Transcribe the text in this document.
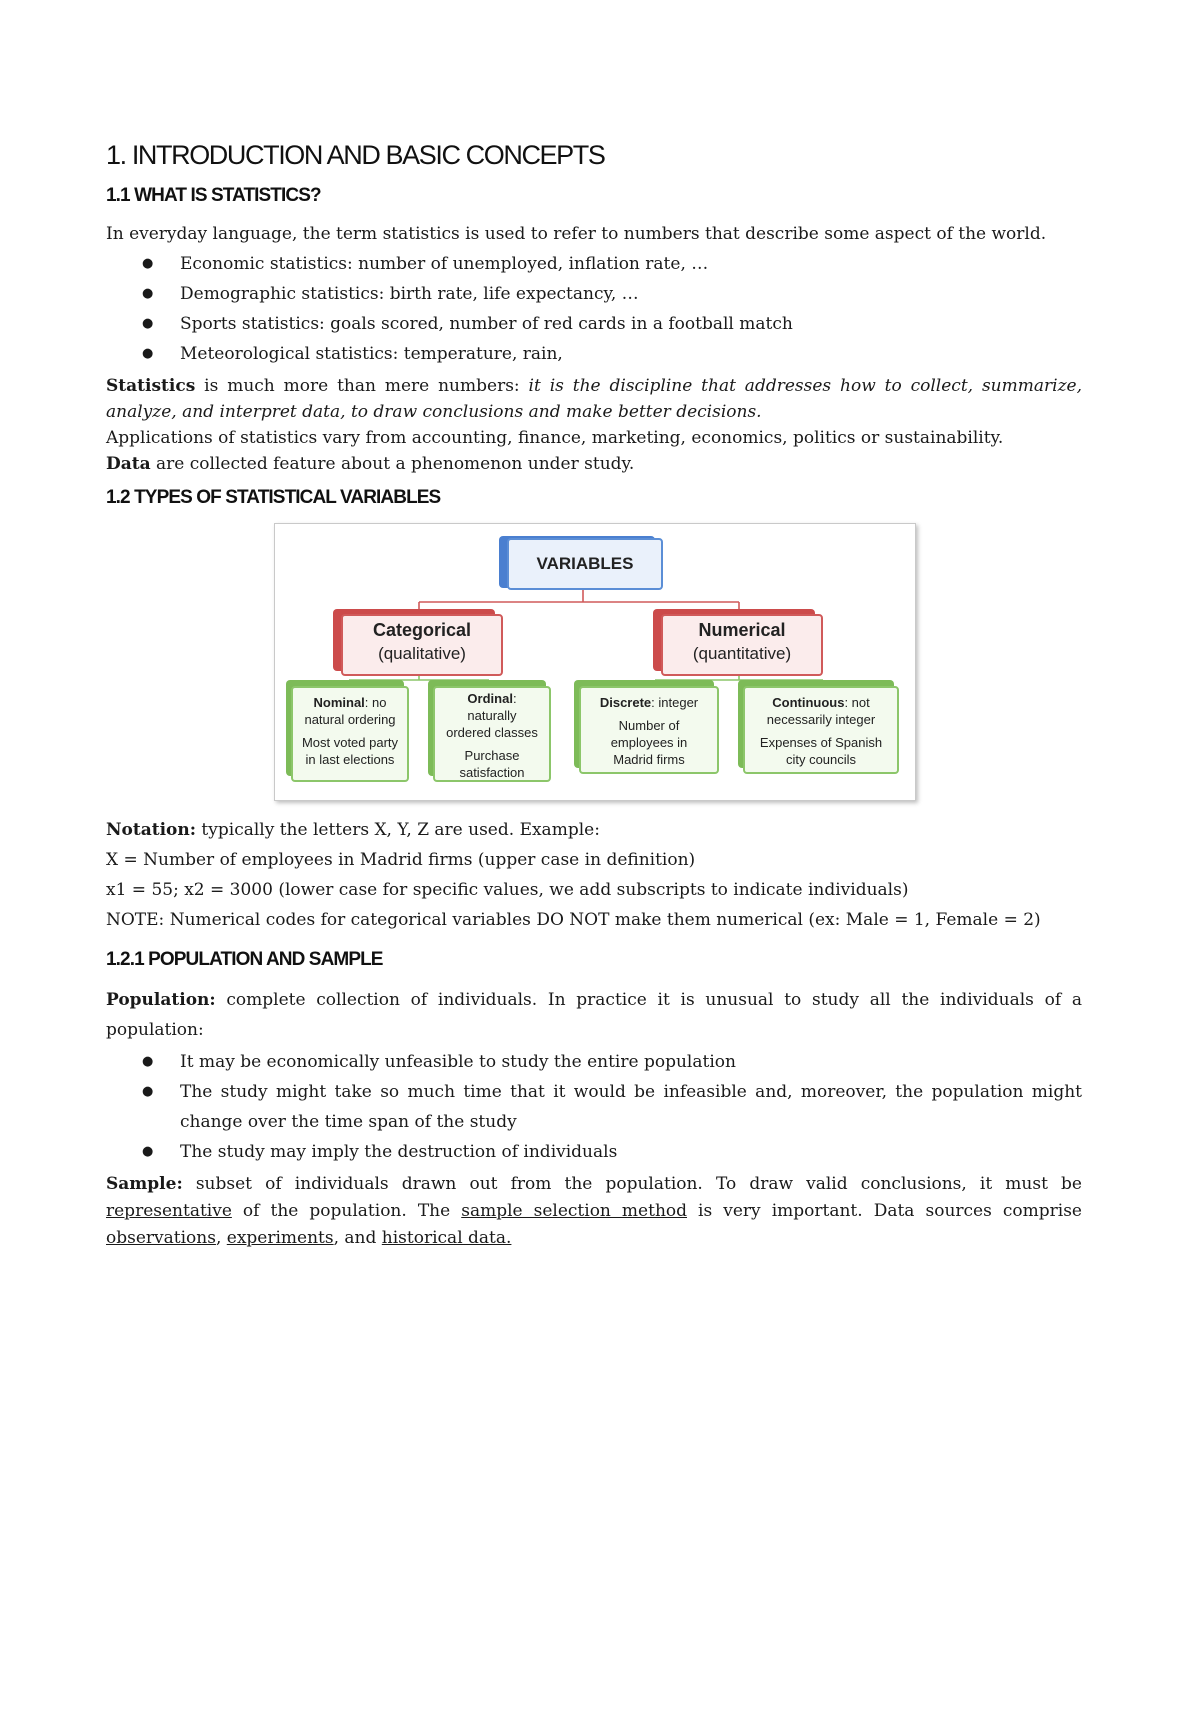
1. INTRODUCTION AND BASIC CONCEPTS
1.1 WHAT IS STATISTICS?

In everyday language, the term statistics is used to refer to numbers that describe some aspect of the world.

● Economic statistics: number of unemployed, inflation rate, …
● Demographic statistics: birth rate, life expectancy, …
● Sports statistics: goals scored, number of red cards in a football match
● Meteorological statistics: temperature, rain,

Statistics is much more than mere numbers: it is the discipline that addresses how to collect, summarize, analyze, and interpret data, to draw conclusions and make better decisions.

Applications of statistics vary from accounting, finance, marketing, economics, politics or sustainability.

Data are collected feature about a phenomenon under study.

1.2 TYPES OF STATISTICAL VARIABLES
VARIABLES
Categorical
(qualitative)
Numerical
(quantitative)
Nominal: no
natural ordering
Most voted party
in last elections
Ordinal:
naturally
ordered classes
Purchase
satisfaction
Discrete: integer
Number of
employees in
Madrid firms
Continuous: not
necessarily integer
Expenses of Spanish
city councils

Notation: typically the letters X, Y, Z are used. Example:

X = Number of employees in Madrid firms (upper case in definition)

x1 = 55; x2 = 3000 (lower case for specific values, we add subscripts to indicate individuals)

NOTE: Numerical codes for categorical variables DO NOT make them numerical (ex: Male = 1, Female = 2)

1.2.1 POPULATION AND SAMPLE

Population: complete collection of individuals. In practice it is unusual to study all the individuals of a population:

● It may be economically unfeasible to study the entire population
● The study might take so much time that it would be infeasible and, moreover, the population might change over the time span of the study
● The study may imply the destruction of individuals

Sample: subset of individuals drawn out from the population. To draw valid conclusions, it must be representative of the population. The sample selection method is very important. Data sources comprise observations, experiments, and historical data.
